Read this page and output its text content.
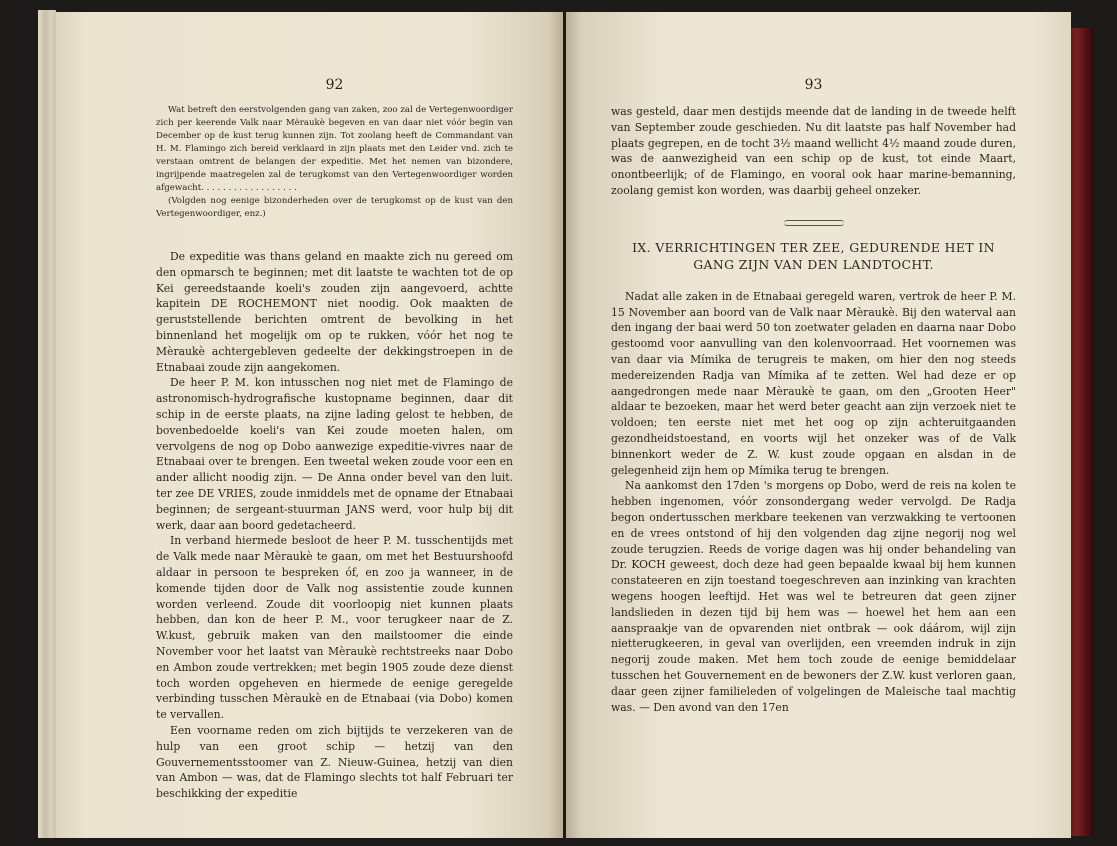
92

Wat betreft den eerstvolgenden gang van zaken, zoo zal de Vertegenwoordiger zich per keerende Valk naar Mèraukè begeven en van daar niet vóór begin van December op de kust terug kunnen zijn. Tot zoolang heeft de Commandant van H. M. Flamingo zich bereid verklaard in zijn plaats met den Leider vnd. zich te verstaan omtrent de belangen der expeditie. Met het nemen van bizondere, ingrijpende maatregelen zal de terugkomst van den Vertegenwoordiger worden afgewacht. . . . . . . . . . . . . . . . . .

(Volgden nog eenige bizonderheden over de terugkomst op de kust van den Vertegenwoordiger, enz.)

De expeditie was thans geland en maakte zich nu gereed om den opmarsch te beginnen; met dit laatste te wachten tot de op Kei gereedstaande koeli's zouden zijn aangevoerd, achtte kapitein DE ROCHEMONT niet noodig. Ook maakten de geruststellende berichten omtrent de bevolking in het binnenland het mogelijk om op te rukken, vóór het nog te Mèraukè achtergebleven gedeelte der dekkingstroepen in de Etnabaai zoude zijn aangekomen.

De heer P. M. kon intusschen nog niet met de Flamingo de astronomisch-hydrografische kustopname beginnen, daar dit schip in de eerste plaats, na zijne lading gelost te hebben, de bovenbedoelde koeli's van Kei zoude moeten halen, om vervolgens de nog op Dobo aanwezige expeditie-vivres naar de Etnabaai over te brengen. Een tweetal weken zoude voor een en ander allicht noodig zijn. — De Anna onder bevel van den luit. ter zee DE VRIES, zoude inmiddels met de opname der Etnabaai beginnen; de sergeant-stuurman JANS werd, voor hulp bij dit werk, daar aan boord gedetacheerd.

In verband hiermede besloot de heer P. M. tusschentijds met de Valk mede naar Mèraukè te gaan, om met het Bestuurshoofd aldaar in persoon te bespreken óf, en zoo ja wanneer, in de komende tijden door de Valk nog assistentie zoude kunnen worden verleend. Zoude dit voorloopig niet kunnen plaats hebben, dan kon de heer P. M., voor terugkeer naar de Z. W.kust, gebruik maken van den mailstoomer die einde November voor het laatst van Mèraukè rechtstreeks naar Dobo en Ambon zoude vertrekken; met begin 1905 zoude deze dienst toch worden opgeheven en hiermede de eenige geregelde verbinding tusschen Mèraukè en de Etnabaai (via Dobo) komen te vervallen.

Een voorname reden om zich bijtijds te verzekeren van de hulp van een groot schip — hetzij van den Gouvernementsstoomer van Z. Nieuw-Guinea, hetzij van dien van Ambon — was, dat de Flamingo slechts tot half Februari ter beschikking der expeditie

93

was gesteld, daar men destijds meende dat de landing in de tweede helft van September zoude geschieden. Nu dit laatste pas half November had plaats gegrepen, en de tocht 3½ maand wellicht 4½ maand zoude duren, was de aanwezigheid van een schip op de kust, tot einde Maart, onontbeerlijk; of de Flamingo, en vooral ook haar marine-bemanning, zoolang gemist kon worden, was daarbij geheel onzeker.

IX. VERRICHTINGEN TER ZEE, GEDURENDE HET IN
GANG ZIJN VAN DEN LANDTOCHT.

Nadat alle zaken in de Etnabaai geregeld waren, vertrok de heer P. M. 15 November aan boord van de Valk naar Mèraukè. Bij den waterval aan den ingang der baai werd 50 ton zoetwater geladen en daarna naar Dobo gestoomd voor aanvulling van den kolenvoorraad. Het voornemen was van daar via Mímika de terugreis te maken, om hier den nog steeds medereizenden Radja van Mímika af te zetten. Wel had deze er op aangedrongen mede naar Mèraukè te gaan, om den „Grooten Heer" aldaar te bezoeken, maar het werd beter geacht aan zijn verzoek niet te voldoen; ten eerste niet met het oog op zijn achteruitgaanden gezondheidstoestand, en voorts wijl het onzeker was of de Valk binnenkort weder de Z. W. kust zoude opgaan en alsdan in de gelegenheid zijn hem op Mímika terug te brengen.

Na aankomst den 17den 's morgens op Dobo, werd de reis na kolen te hebben ingenomen, vóór zonsondergang weder vervolgd. De Radja begon ondertusschen merkbare teekenen van verzwakking te vertoonen en de vrees ontstond of hij den volgenden dag zijne negorij nog wel zoude terugzien. Reeds de vorige dagen was hij onder behandeling van Dr. KOCH geweest, doch deze had geen bepaalde kwaal bij hem kunnen constateeren en zijn toestand toegeschreven aan inzinking van krachten wegens hoogen leeftijd. Het was wel te betreuren dat geen zijner landslieden in dezen tijd bij hem was — hoewel het hem aan een aanspraakje van de opvarenden niet ontbrak — ook dáárom, wijl zijn nietterugkeeren, in geval van overlijden, een vreemden indruk in zijn negorij zoude maken. Met hem toch zoude de eenige bemiddelaar tusschen het Gouvernement en de bewoners der Z.W. kust verloren gaan, daar geen zijner familieleden of volgelingen de Maleische taal machtig was. — Den avond van den 17en
